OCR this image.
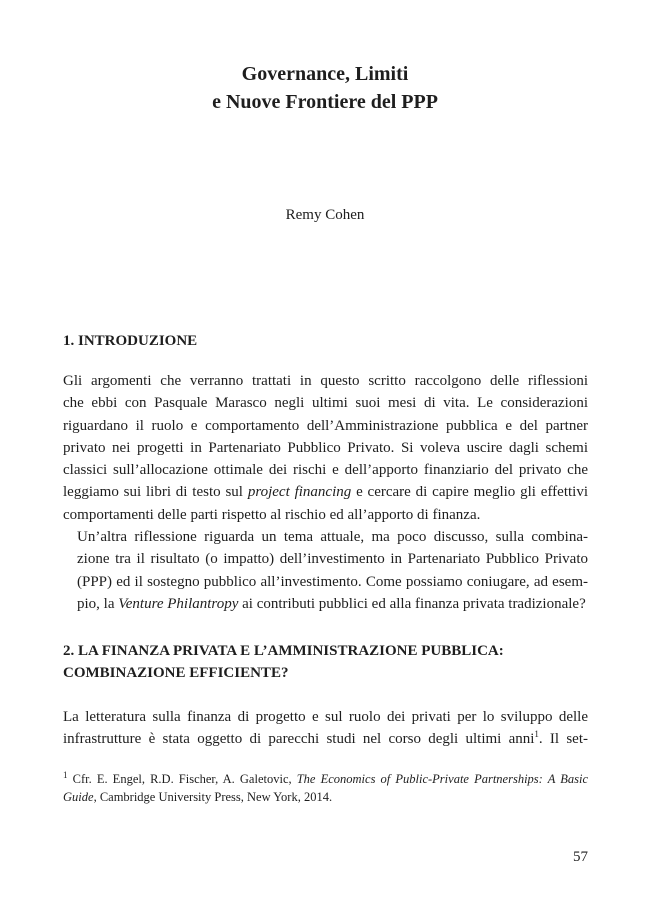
Governance, Limiti
e Nuove Frontiere del PPP
Remy Cohen
1. INTRODUZIONE

Gli argomenti che verranno trattati in questo scritto raccolgono delle riflessioni
che ebbi con Pasquale Marasco negli ultimi suoi mesi di vita. Le considerazioni
riguardano il ruolo e comportamento dell’Amministrazione pubblica e del partner
privato nei progetti in Partenariato Pubblico Privato. Si voleva uscire dagli schemi
classici sull’allocazione ottimale dei rischi e dell’apporto finanziario del privato che
leggiamo sui libri di testo sul project financing e cercare di capire meglio gli effettivi
comportamenti delle parti rispetto al rischio ed all’apporto di finanza.

Un’altra riflessione riguarda un tema attuale, ma poco discusso, sulla combina-
zione tra il risultato (o impatto) dell’investimento in Partenariato Pubblico Privato
(PPP) ed il sostegno pubblico all’investimento. Come possiamo coniugare, ad esem-
pio, la Venture Philantropy ai contributi pubblici ed alla finanza privata tradizionale?

2. LA FINANZA PRIVATA E L’AMMINISTRAZIONE PUBBLICA:
COMBINAZIONE EFFICIENTE?

La letteratura sulla finanza di progetto e sul ruolo dei privati per lo sviluppo delle
infrastrutture è stata oggetto di parecchi studi nel corso degli ultimi anni$^1$. Il set-

$^1$ Cfr. E. Engel, R.D. Fischer, A. Galetovic, The Economics of Public-Private Partnerships: A Basic
Guide, Cambridge University Press, New York, 2014.
57
